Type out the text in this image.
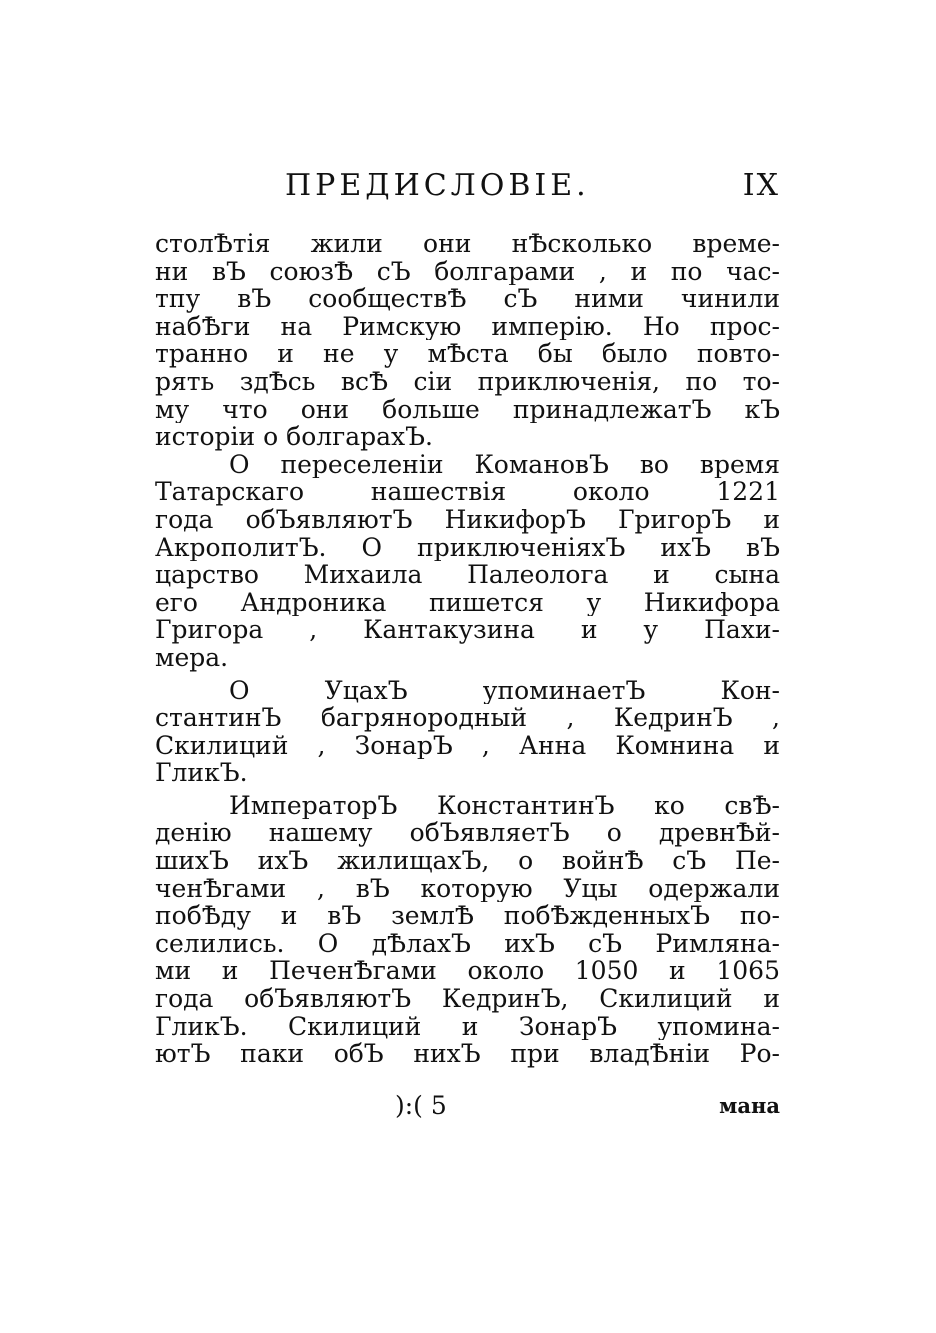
ПРЕДИСЛОВІЕ.	IX
столѢтія жили они нѢсколько време-
ни вЪ союзѢ сЪ болгарами , и по час-
тпу вЪ сообществѢ сЪ ними чинили
набѢги на Римскую имперію. Но прос-
транно и не у мѢста бы было повто-
рять здѢсь всѢ сіи приключенія, по то-
му что они больше принадлежатЪ кЪ
исторіи о болгарахЪ.
О переселеніи КомановЪ во время
Татарскаго нашествія около 1221
года обЪявляютЪ НикифорЪ ГригорЪ и
АкрополитЪ. О приключеніяхЪ ихЪ вЪ
царство Михаила Палеолога и сына
его Андроника пишется у Никифора
Григора , Кантакузина и у Пахи-
мера.
О УцахЪ упоминаетЪ Кон-
стантинЪ багрянородный , КедринЪ ,
Скилиций , ЗонарЪ , Анна Комнина и
ГликЪ.
ИмператорЪ КонстантинЪ ко свѢ-
денію нашему обЪявляетЪ о древнѢй-
шихЪ ихЪ жилищахЪ, о войнѢ сЪ Пе-
ченѢгами , вЪ которую Уцы одержали
побѢду и вЪ землѢ побѢжденныхЪ по-
селились. О дѢлахЪ ихЪ сЪ Римляна-
ми и ПеченѢгами около 1050 и 1065
года обЪявляютЪ КедринЪ, Скилиций и
ГликЪ. Скилиций и ЗонарЪ упомина-
ютЪ паки обЪ нихЪ при владѢніи Ро-
):( 5	мана
